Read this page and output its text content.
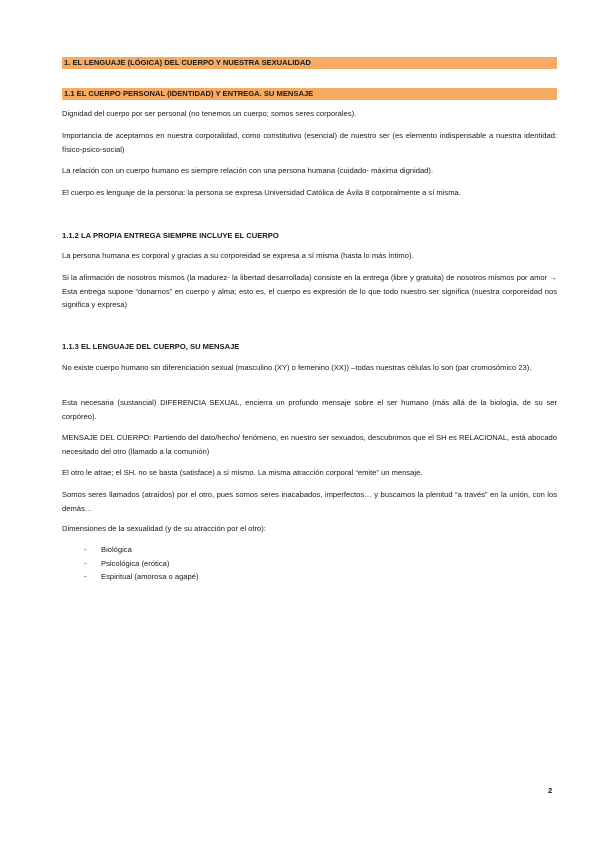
1. EL LENGUAJE (LÓGICA) DEL CUERPO Y NUESTRA SEXUALIDAD
1.1 EL CUERPO PERSONAL (IDENTIDAD) Y ENTREGA. SU MENSAJE

Dignidad del cuerpo por ser personal (no tenemos un cuerpo; somos seres corporales).

Importancia de aceptarnos en nuestra corporalidad, como constitutivo (esencial) de nuestro ser (es elemento indispensable a nuestra identidad: físico-psico-social)

La relación con un cuerpo humano es siempre relación con una persona humana (cuidado- máxima dignidad).

El cuerpo es lenguaje de la persona: la persona se expresa Universidad Católica de Ávila 8 corporalmente a sí misma.

1.1.2 LA PROPIA ENTREGA SIEMPRE INCLUYE EL CUERPO

La persona humana es corporal y gracias a su corporeidad se expresa a sí misma (hasta lo más íntimo).

Si la afirmación de nosotros mismos (la madurez- la libertad desarrollada) consiste en la entrega (libre y gratuita) de nosotros mismos por amor → Esta entrega supone “donarnos” en cuerpo y alma; esto es, el cuerpo es expresión de lo que todo nuestro ser significa (nuestra corporeidad nos significa y expresa)

1.1.3 EL LENGUAJE DEL CUERPO, SU MENSAJE

No existe cuerpo humano sin diferenciación sexual (masculino (XY) o femenino (XX)) –todas nuestras células lo son (par cromosómico 23).

Esta necesaria (sustancial) DIFERENCIA SEXUAL, encierra un profundo mensaje sobre el ser humano (más allá de la biología, de su ser corpóreo).

MENSAJE DEL CUERPO: Partiendo del dato/hecho/ fenómeno, en nuestro ser sexuados, descubrimos que el SH es RELACIONAL, está abocado necesitado del otro (llamado a la comunión)

El otro le atrae; el SH. no se basta (satisface) a sí mismo. La misma atracción corporal “emite” un mensaje.

Somos seres llamados (atraídos) por el otro, pues somos seres inacabados, imperfectos… y buscamos la plenitud “a través” en la unión, con los demás…

Dimensiones de la sexualidad (y de su atracción por el otro):

- Biológica
- Psicológica (erótica)
- Espiritual (amorosa o agapé)
2
